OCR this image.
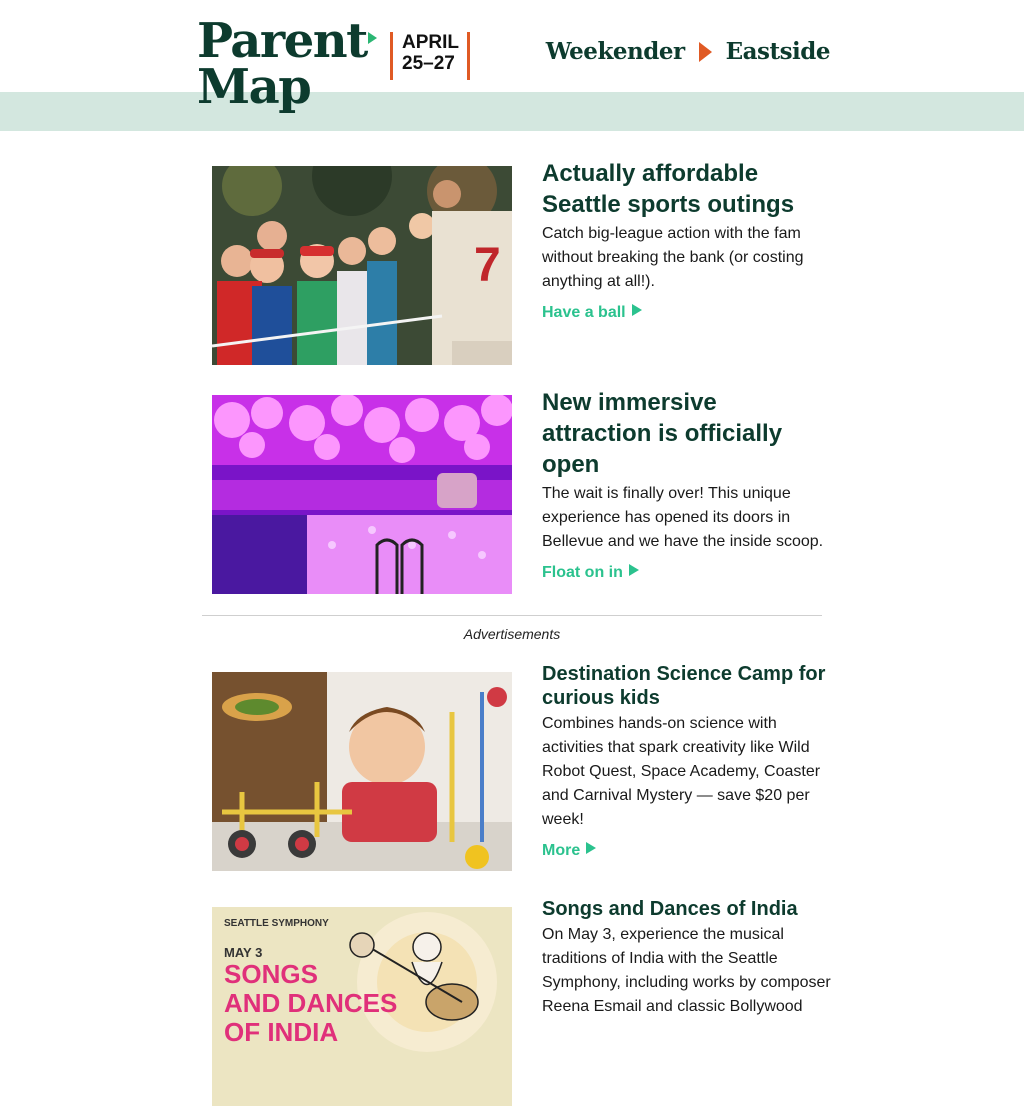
Parent
Map
APRIL
25–27	Weekender Eastside
7
Actually affordable Seattle sports outings
Catch big-league action with the fam without breaking the bank (or costing anything at all!).
Have a ball
New immersive attraction is officially open
The wait is finally over! This unique experience has opened its doors in Bellevue and we have the inside scoop.
Float on in
Advertisements
Destination Science Camp for curious kids
Combines hands-on science with activities that spark creativity like Wild Robot Quest, Space Academy, Coaster and Carnival Mystery — save $20 per week!
More
SEATTLE SYMPHONY
MAY 3
SONGS
AND DANCES
OF INDIA
Songs and Dances of India
On May 3, experience the musical traditions of India with the Seattle Symphony, including works by composer Reena Esmail and classic Bollywood
